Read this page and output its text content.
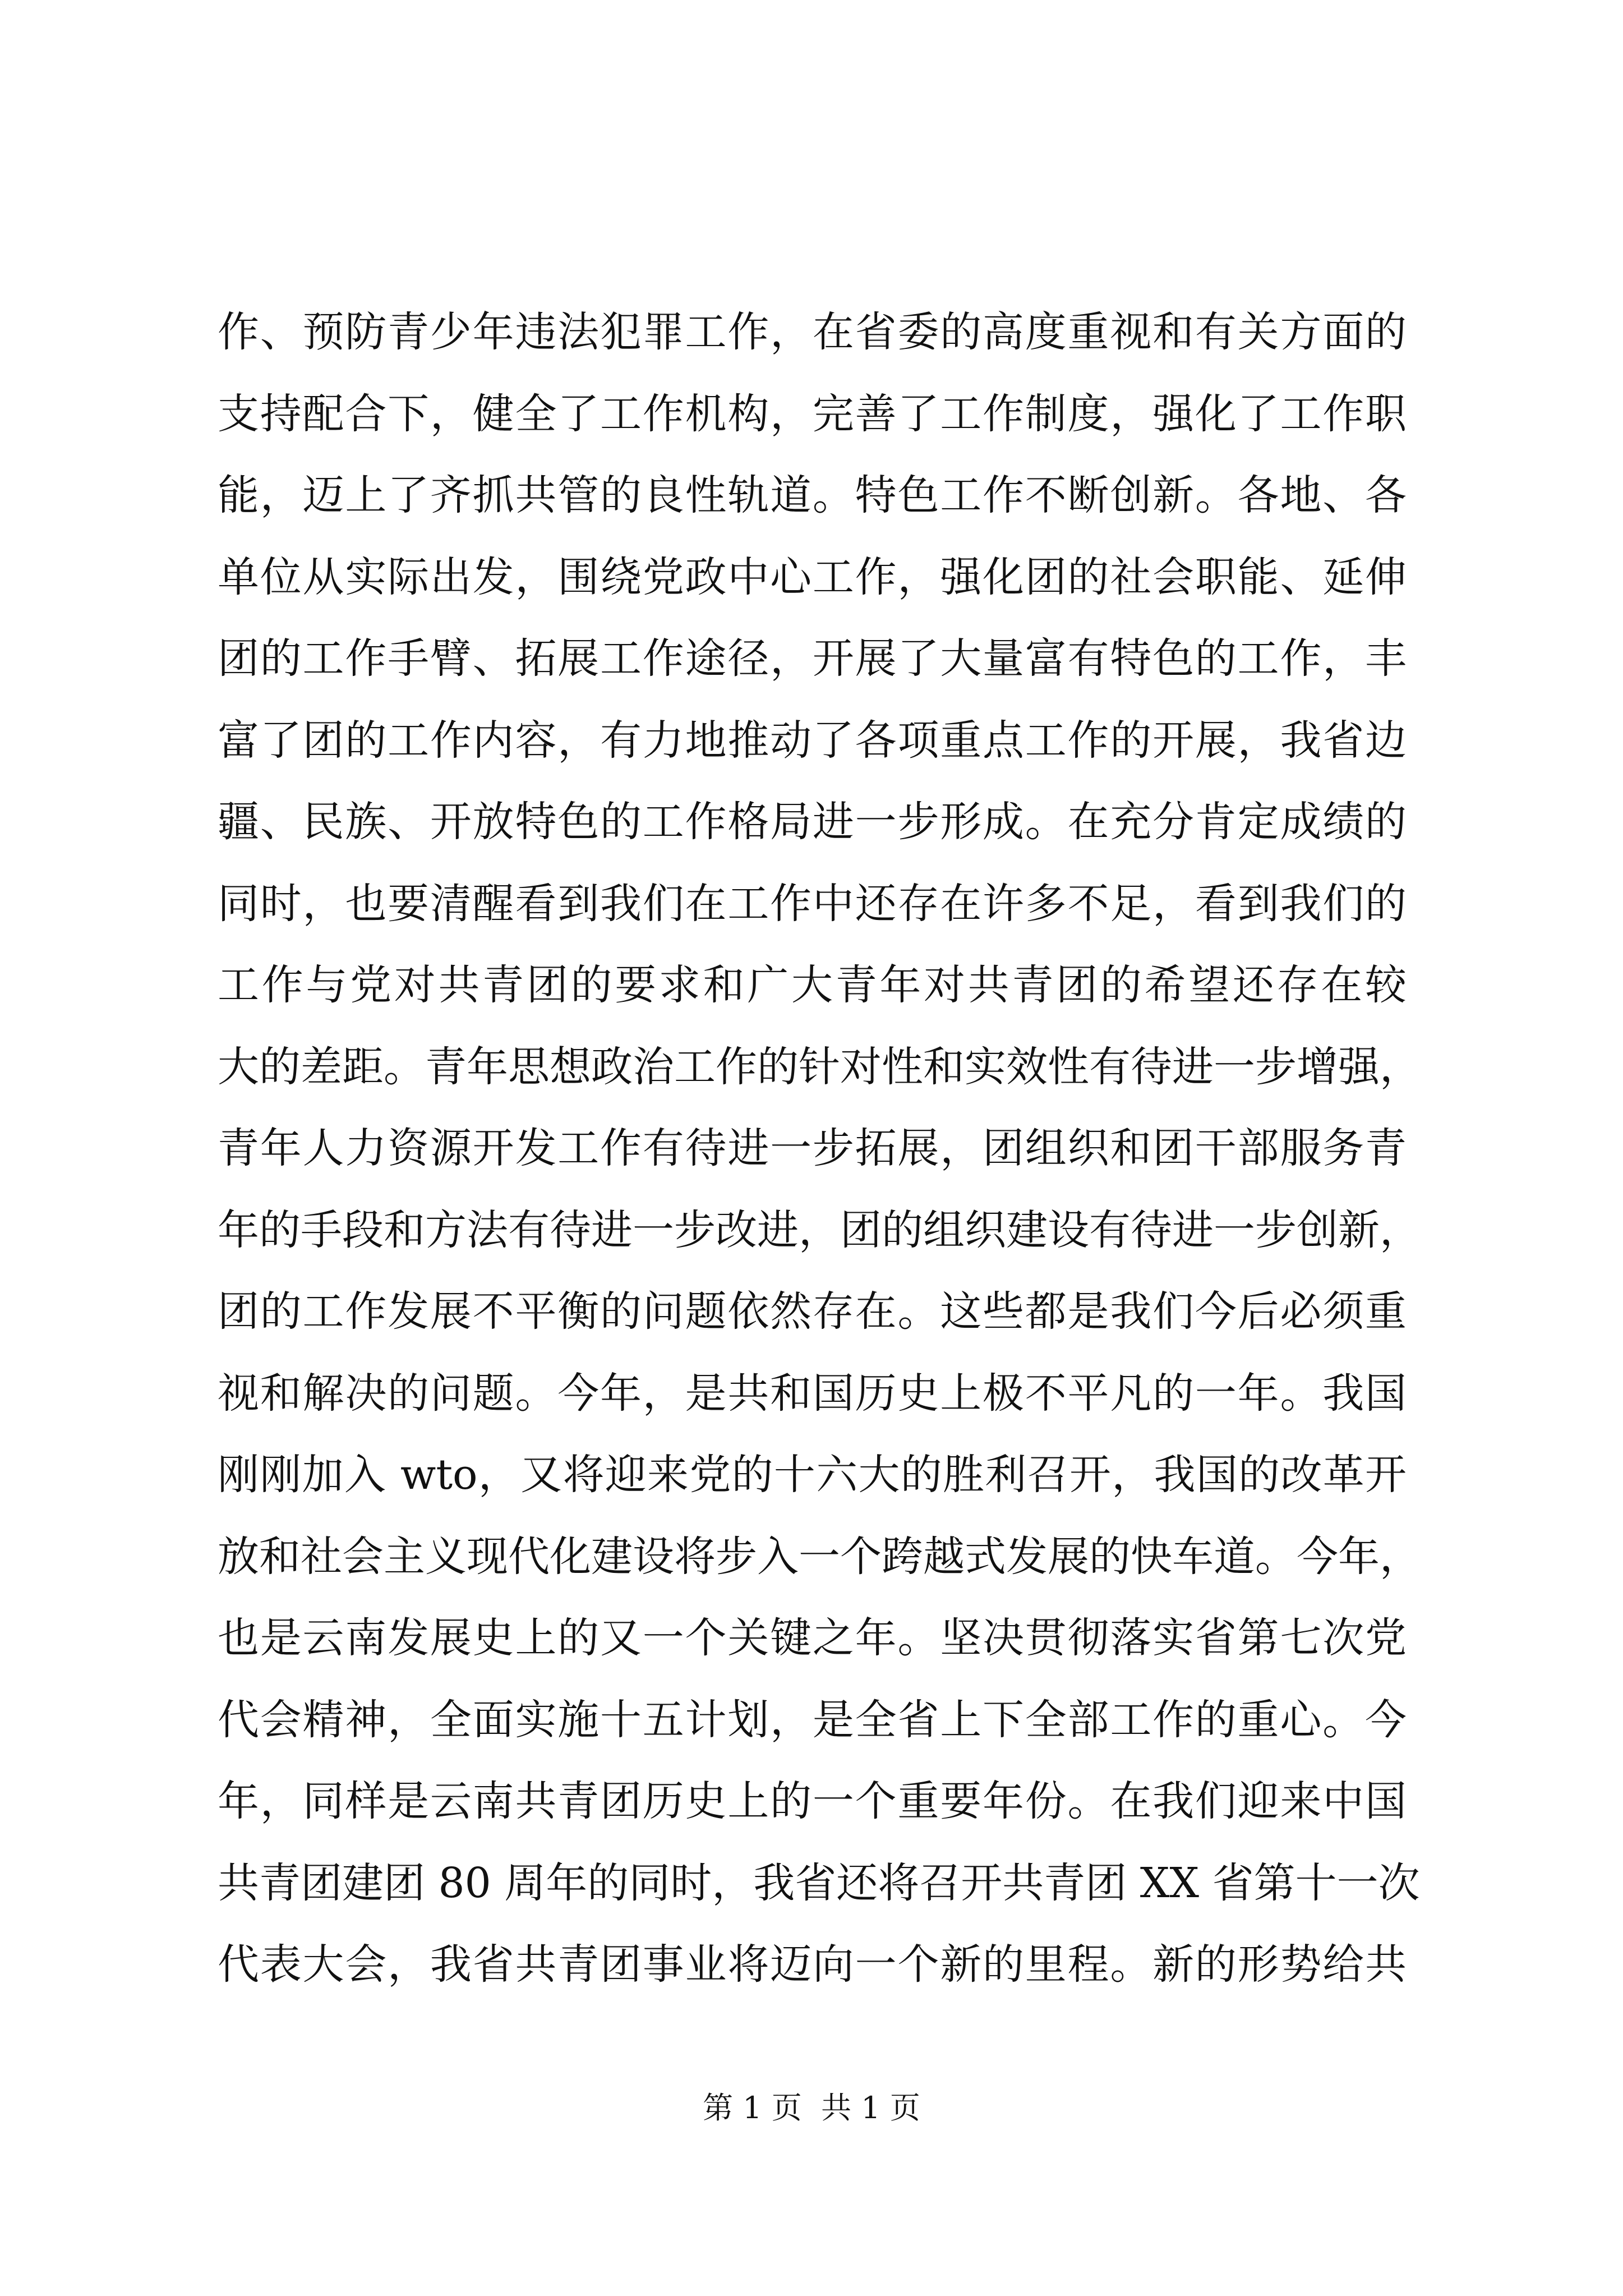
作、预防青少年违法犯罪工作，在省委的高度重视和有关方面的
支持配合下，健全了工作机构，完善了工作制度，强化了工作职
能，迈上了齐抓共管的良性轨道。特色工作不断创新。各地、各
单位从实际出发，围绕党政中心工作，强化团的社会职能、延伸
团的工作手臂、拓展工作途径，开展了大量富有特色的工作，丰
富了团的工作内容，有力地推动了各项重点工作的开展，我省边
疆、民族、开放特色的工作格局进一步形成。在充分肯定成绩的
同时，也要清醒看到我们在工作中还存在许多不足，看到我们的
工作与党对共青团的要求和广大青年对共青团的希望还存在较
大的差距。青年思想政治工作的针对性和实效性有待进一步增强，
青年人力资源开发工作有待进一步拓展，团组织和团干部服务青
年的手段和方法有待进一步改进，团的组织建设有待进一步创新，
团的工作发展不平衡的问题依然存在。这些都是我们今后必须重
视和解决的问题。今年，是共和国历史上极不平凡的一年。我国
刚刚加入 wto，又将迎来党的十六大的胜利召开，我国的改革开
放和社会主义现代化建设将步入一个跨越式发展的快车道。今年，
也是云南发展史上的又一个关键之年。坚决贯彻落实省第七次党
代会精神，全面实施十五计划，是全省上下全部工作的重心。今
年，同样是云南共青团历史上的一个重要年份。在我们迎来中国
共青团建团 80 周年的同时，我省还将召开共青团 XX 省第十一次
代表大会，我省共青团事业将迈向一个新的里程。新的形势给共
第 1 页  共 1 页
